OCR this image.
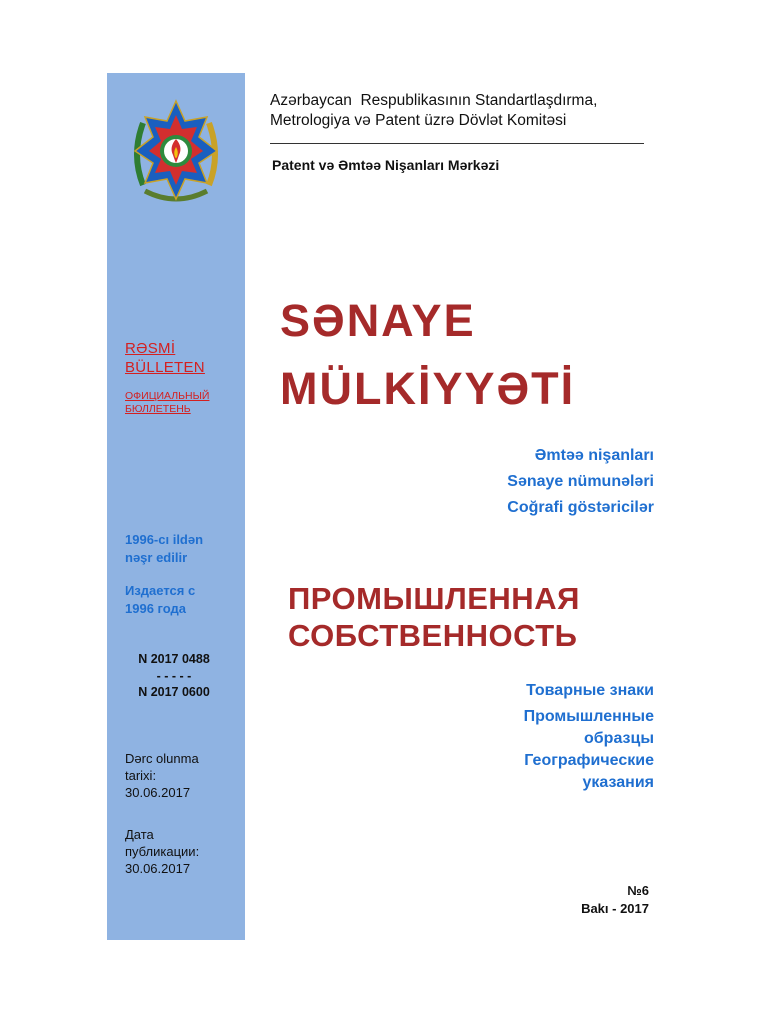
RƏSMİ
BÜLLETEN
ОФИЦИАЛЬНЫЙ
БЮЛЛЕТЕНЬ
1996-cı ildən
nəşr edilir
Издается с
1996 года
N 2017 0488
- - - - -
N 2017 0600
Dərc olunma
tarixi:
30.06.2017
Дата
публикации:
30.06.2017
Azərbaycan  Respublikasının Standartlaşdırma,
Metrologiya və Patent üzrə Dövlət Komitəsi
Patent və Əmtəə Nişanları Mərkəzi
SƏNAYE
MÜLKİYYƏTİ
Əmtəə nişanları
Sənaye nümunələri
Coğrafi göstəricilər
ПРОМЫШЛЕННАЯ
СОБСТВЕННОСТЬ
Товарные знаки
Промышленные
образцы
Географические
указания
№6
Bakı - 2017
